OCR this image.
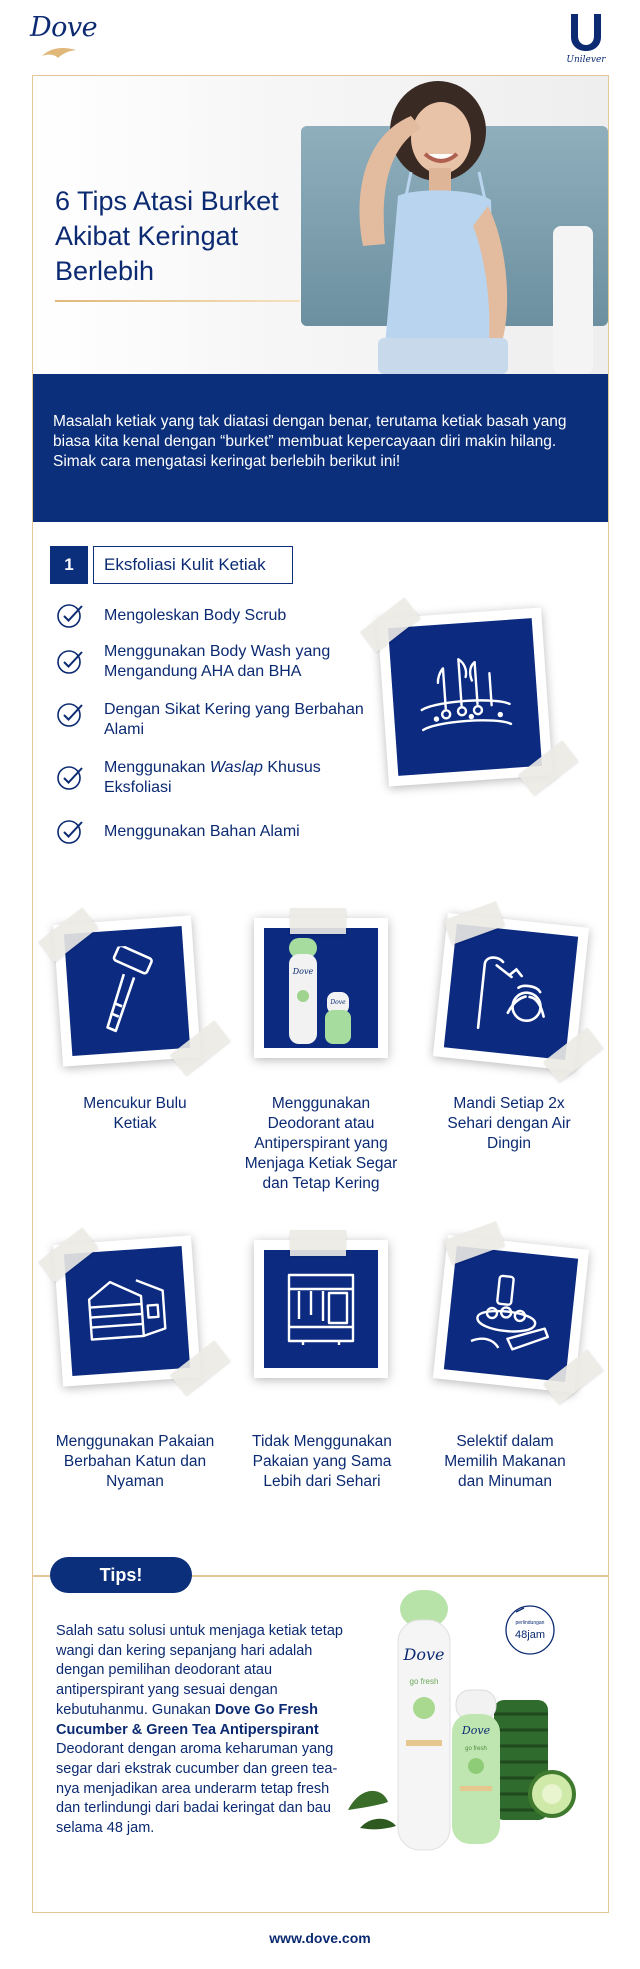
Dove
Unilever
6 Tips Atasi Burket Akibat Keringat Berlebih

Masalah ketiak yang tak diatasi dengan benar, terutama ketiak basah yang biasa kita kenal dengan “burket” membuat kepercayaan diri makin hilang. Simak cara mengatasi keringat berlebih berikut ini!

1	Eksfoliasi Kulit Ketiak
Mengoleskan Body Scrub
Menggunakan Body Wash yang Mengandung AHA dan BHA
Dengan Sikat Kering yang Berbahan Alami
Menggunakan Waslap Khusus Eksfoliasi
Menggunakan Bahan Alami
Dove
Dove
Mencukur Bulu Ketiak
Menggunakan Deodorant atau Antiperspirant yang Menjaga Ketiak Segar dan Tetap Kering
Mandi Setiap 2x Sehari dengan Air Dingin
Menggunakan Pakaian Berbahan Katun dan Nyaman
Tidak Menggunakan Pakaian yang Sama Lebih dari Sehari
Selektif dalam Memilih Makanan dan Minuman
Tips!

Salah satu solusi untuk menjaga ketiak tetap wangi dan kering sepanjang hari adalah dengan pemilihan deodorant atau antiperspirant yang sesuai dengan kebutuhanmu. Gunakan Dove Go Fresh Cucumber & Green Tea Antiperspirant Deodorant dengan aroma keharuman yang segar dari ekstrak cucumber dan green tea-nya menjadikan area underarm tetap fresh dan terlindungi dari badai keringat dan bau selama 48 jam.

Dove
go fresh
Dove
go fresh
perlindungan
48jam
www.dove.com
